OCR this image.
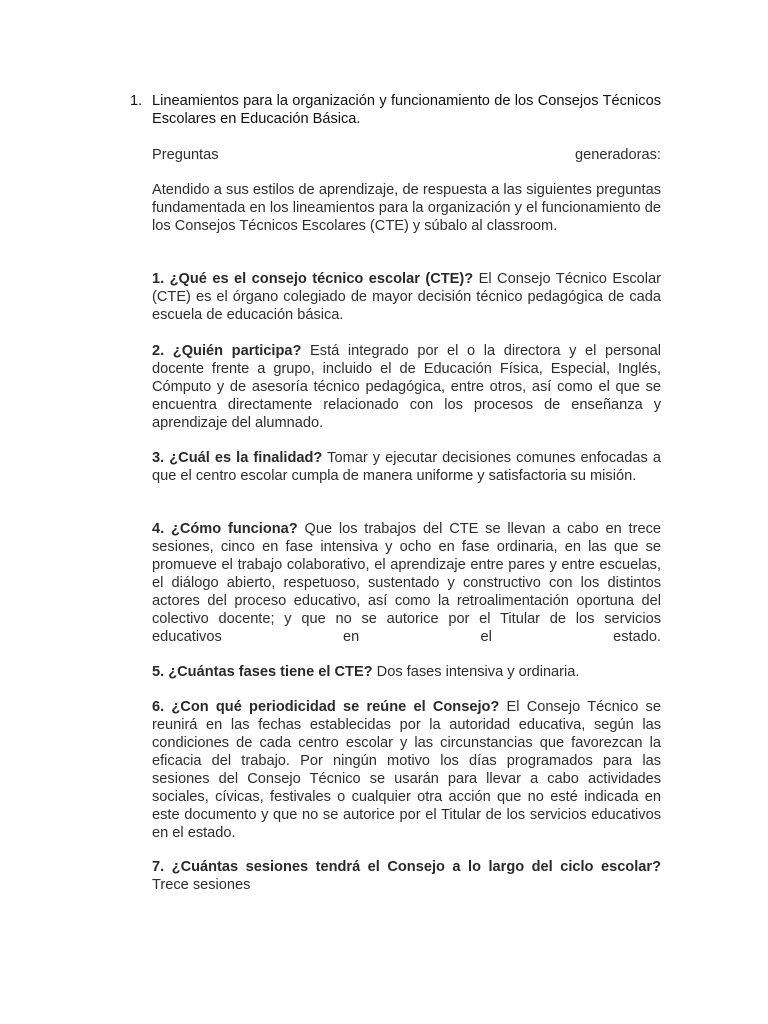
1. Lineamientos para la organización y funcionamiento de los Consejos Técnicos Escolares en Educación Básica.
Preguntas generadoras:
Atendido a sus estilos de aprendizaje, de respuesta a las siguientes preguntas fundamentada en los lineamientos para la organización y el funcionamiento de los Consejos Técnicos Escolares (CTE) y súbalo al classroom.
1. ¿Qué es el consejo técnico escolar (CTE)? El Consejo Técnico Escolar (CTE) es el órgano colegiado de mayor decisión técnico pedagógica de cada escuela de educación básica.
2. ¿Quién participa? Está integrado por el o la directora y el personal docente frente a grupo, incluido el de Educación Física, Especial, Inglés, Cómputo y de asesoría técnico pedagógica, entre otros, así como el que se encuentra directamente relacionado con los procesos de enseñanza y aprendizaje del alumnado.
3. ¿Cuál es la finalidad? Tomar y ejecutar decisiones comunes enfocadas a que el centro escolar cumpla de manera uniforme y satisfactoria su misión.
4. ¿Cómo funciona? Que los trabajos del CTE se llevan a cabo en trece sesiones, cinco en fase intensiva y ocho en fase ordinaria, en las que se promueve el trabajo colaborativo, el aprendizaje entre pares y entre escuelas, el diálogo abierto, respetuoso, sustentado y constructivo con los distintos actores del proceso educativo, así como la retroalimentación oportuna del colectivo docente; y que no se autorice por el Titular de los servicios educativos en el estado.
5. ¿Cuántas fases tiene el CTE? Dos fases intensiva y ordinaria.
6. ¿Con qué periodicidad se reúne el Consejo? El Consejo Técnico se reunirá en las fechas establecidas por la autoridad educativa, según las condiciones de cada centro escolar y las circunstancias que favorezcan la eficacia del trabajo. Por ningún motivo los días programados para las sesiones del Consejo Técnico se usarán para llevar a cabo actividades sociales, cívicas, festivales o cualquier otra acción que no esté indicada en este documento y que no se autorice por el Titular de los servicios educativos en el estado.
7. ¿Cuántas sesiones tendrá el Consejo a lo largo del ciclo escolar? Trece sesiones
